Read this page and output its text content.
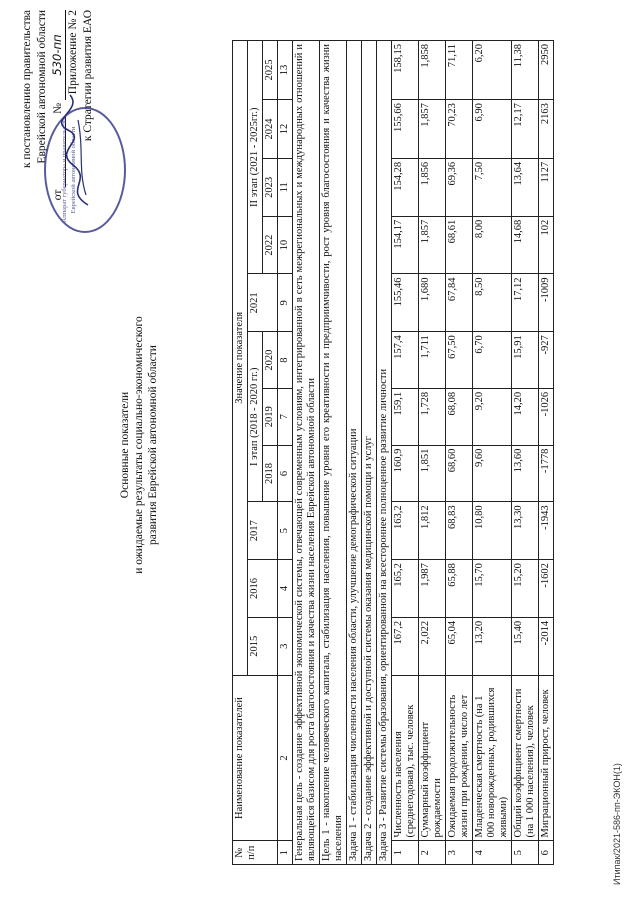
к постановлению правительства Еврейской автономной области
от   № 530-пп Приложение № 2 к Стратегии развития ЕАО
Аппарат губернатора и правительства Еврейской автономной области
Основные показатели и ожидаемые результаты социально-экономического развития Еврейской автономной области
№ п/п	Наименование показателей	Значение показателя										
		2015	2016	2017	I этап (2018 - 2020 гг.)			2021	II этап (2021 - 2025гг.)			
					2018	2019	2020		2022	2023	2024	2025
1	2	3	4	5	6	7	8	9	10	11	12	13
Генеральная цель - создание эффективной экономической системы, отвечающей современным условиям, интегрированной в сеть межрегиональных и международных отношений и являющейся базисом для роста благосостояния и качества жизни населения Еврейской автономной области												
Цель 1 - накопление человеческого капитала, стабилизация населения, повышение уровня его креативности и предприимчивости, рост уровня благосостояния и качества жизни населения												
Задача 1 - стабилизация численности населения области, улучшение демографической ситуации												
Задача 2 - создание эффективной и доступной системы оказания медицинской помощи и услуг												
Задача 3 - Развитие системы образования, ориентированной на всестороннее полноценное развитие личности												
1	Численность населения (среднегодовая), тыс. человек	167,2	165,2	163,2	160,9	159,1	157,4	155,46	154,17	154,28	155,66	158,15
2	Суммарный коэффициент рождаемости	2,022	1,987	1,812	1,851	1,728	1,711	1,680	1,857	1,856	1,857	1,858
3	Ожидаемая продолжительность жизни при рождении, число лет	65,04	65,88	68,83	68,60	68,08	67,50	67,84	68,61	69,36	70,23	71,11
4	Младенческая смертность (на 1 000 новорожденных, родившихся живыми)	13,20	15,70	10,80	9,60	9,20	6,70	8,50	8,00	7,50	6,90	6,20
5	Общий коэффициент смертности (на 1 000 населения), человек	15,40	15,20	13,30	13,60	14,20	15,91	17,12	14,68	13,64	12,17	11,38
6	Миграционный прирост, человек	-2014	-1602	-1943	-1778	-1026	-927	-1009	102	1127	2163	2950
Итипак/2021-586-пп-ЭКОН(1)
